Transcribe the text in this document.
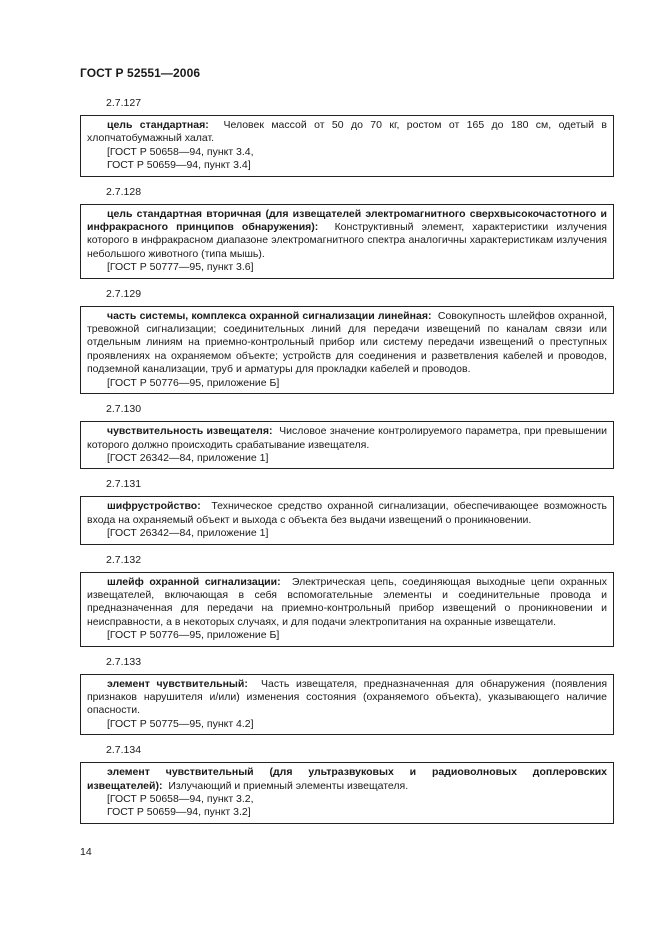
ГОСТ Р 52551—2006
2.7.127

цель стандартная: Человек массой от 50 до 70 кг, ростом от 165 до 180 см, одетый в хлопчатобумажный халат.

[ГОСТ Р 50658—94, пункт 3.4,

ГОСТ Р 50659—94, пункт 3.4]

2.7.128

цель стандартная вторичная (для извещателей электромагнитного сверхвысокочастотного и инфракрасного принципов обнаружения): Конструктивный элемент, характеристики излучения которого в инфракрасном диапазоне электромагнитного спектра аналогичны характеристикам излучения небольшого животного (типа мышь).

[ГОСТ Р 50777—95, пункт 3.6]

2.7.129

часть системы, комплекса охранной сигнализации линейная: Совокупность шлейфов охранной, тревожной сигнализации; соединительных линий для передачи извещений по каналам связи или отдельным линиям на приемно-контрольный прибор или систему передачи извещений о преступных проявлениях на охраняемом объекте; устройств для соединения и разветвления кабелей и проводов, подземной канализации, труб и арматуры для прокладки кабелей и проводов.

[ГОСТ Р 50776—95, приложение Б]

2.7.130

чувствительность извещателя: Числовое значение контролируемого параметра, при превышении которого должно происходить срабатывание извещателя.

[ГОСТ 26342—84, приложение 1]

2.7.131

шифрустройство: Техническое средство охранной сигнализации, обеспечивающее возможность входа на охраняемый объект и выхода с объекта без выдачи извещений о проникновении.

[ГОСТ 26342—84, приложение 1]

2.7.132

шлейф охранной сигнализации: Электрическая цепь, соединяющая выходные цепи охранных извещателей, включающая в себя вспомогательные элементы и соединительные провода и предназначенная для передачи на приемно-контрольный прибор извещений о проникновении и неисправности, а в некоторых случаях, и для подачи электропитания на охранные извещатели.

[ГОСТ Р 50776—95, приложение Б]

2.7.133

элемент чувствительный: Часть извещателя, предназначенная для обнаружения (появления признаков нарушителя и/или) изменения состояния (охраняемого объекта), указывающего наличие опасности.

[ГОСТ Р 50775—95, пункт 4.2]

2.7.134

элемент чувствительный (для ультразвуковых и радиоволновых доплеровских извещателей): Излучающий и приемный элементы извещателя.

[ГОСТ Р 50658—94, пункт 3.2,

ГОСТ Р 50659—94, пункт 3.2]

14
